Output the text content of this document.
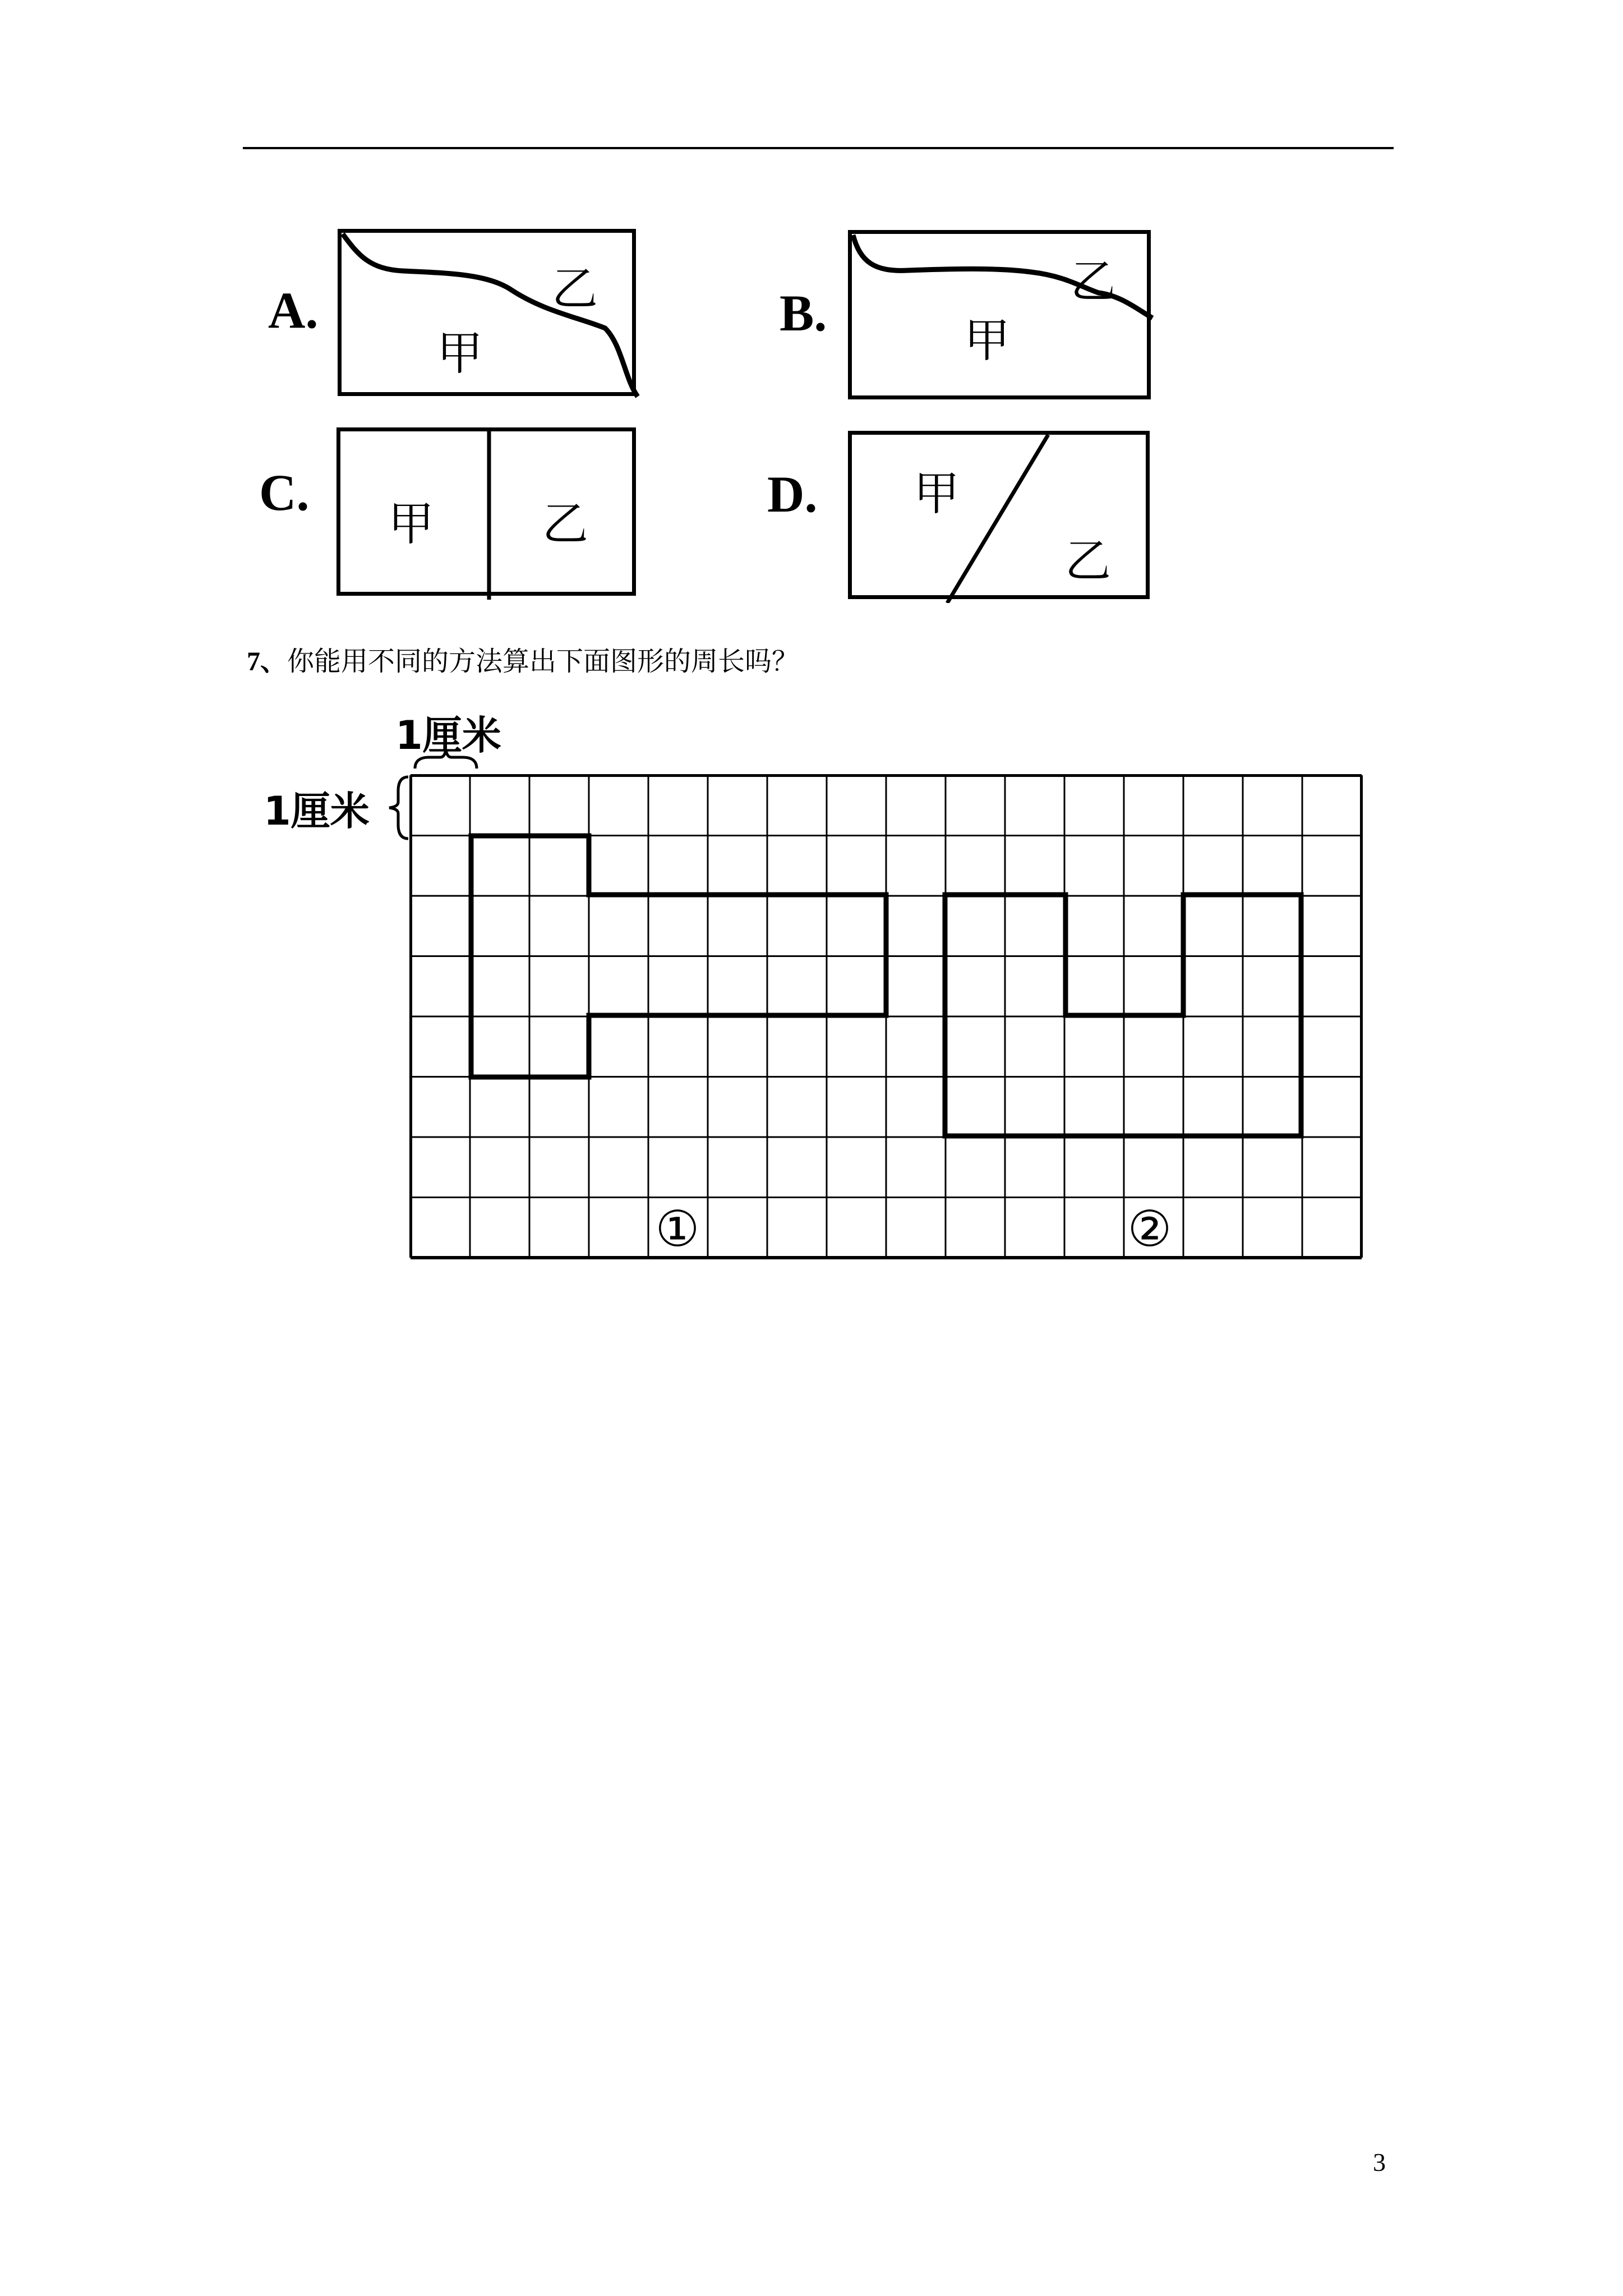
A.
甲
乙	B.	甲
乙
C.
甲 乙
D. 甲
乙
7、你能用不同的方法算出下面图形的周长吗？
1厘米
1厘米
①	②
3
